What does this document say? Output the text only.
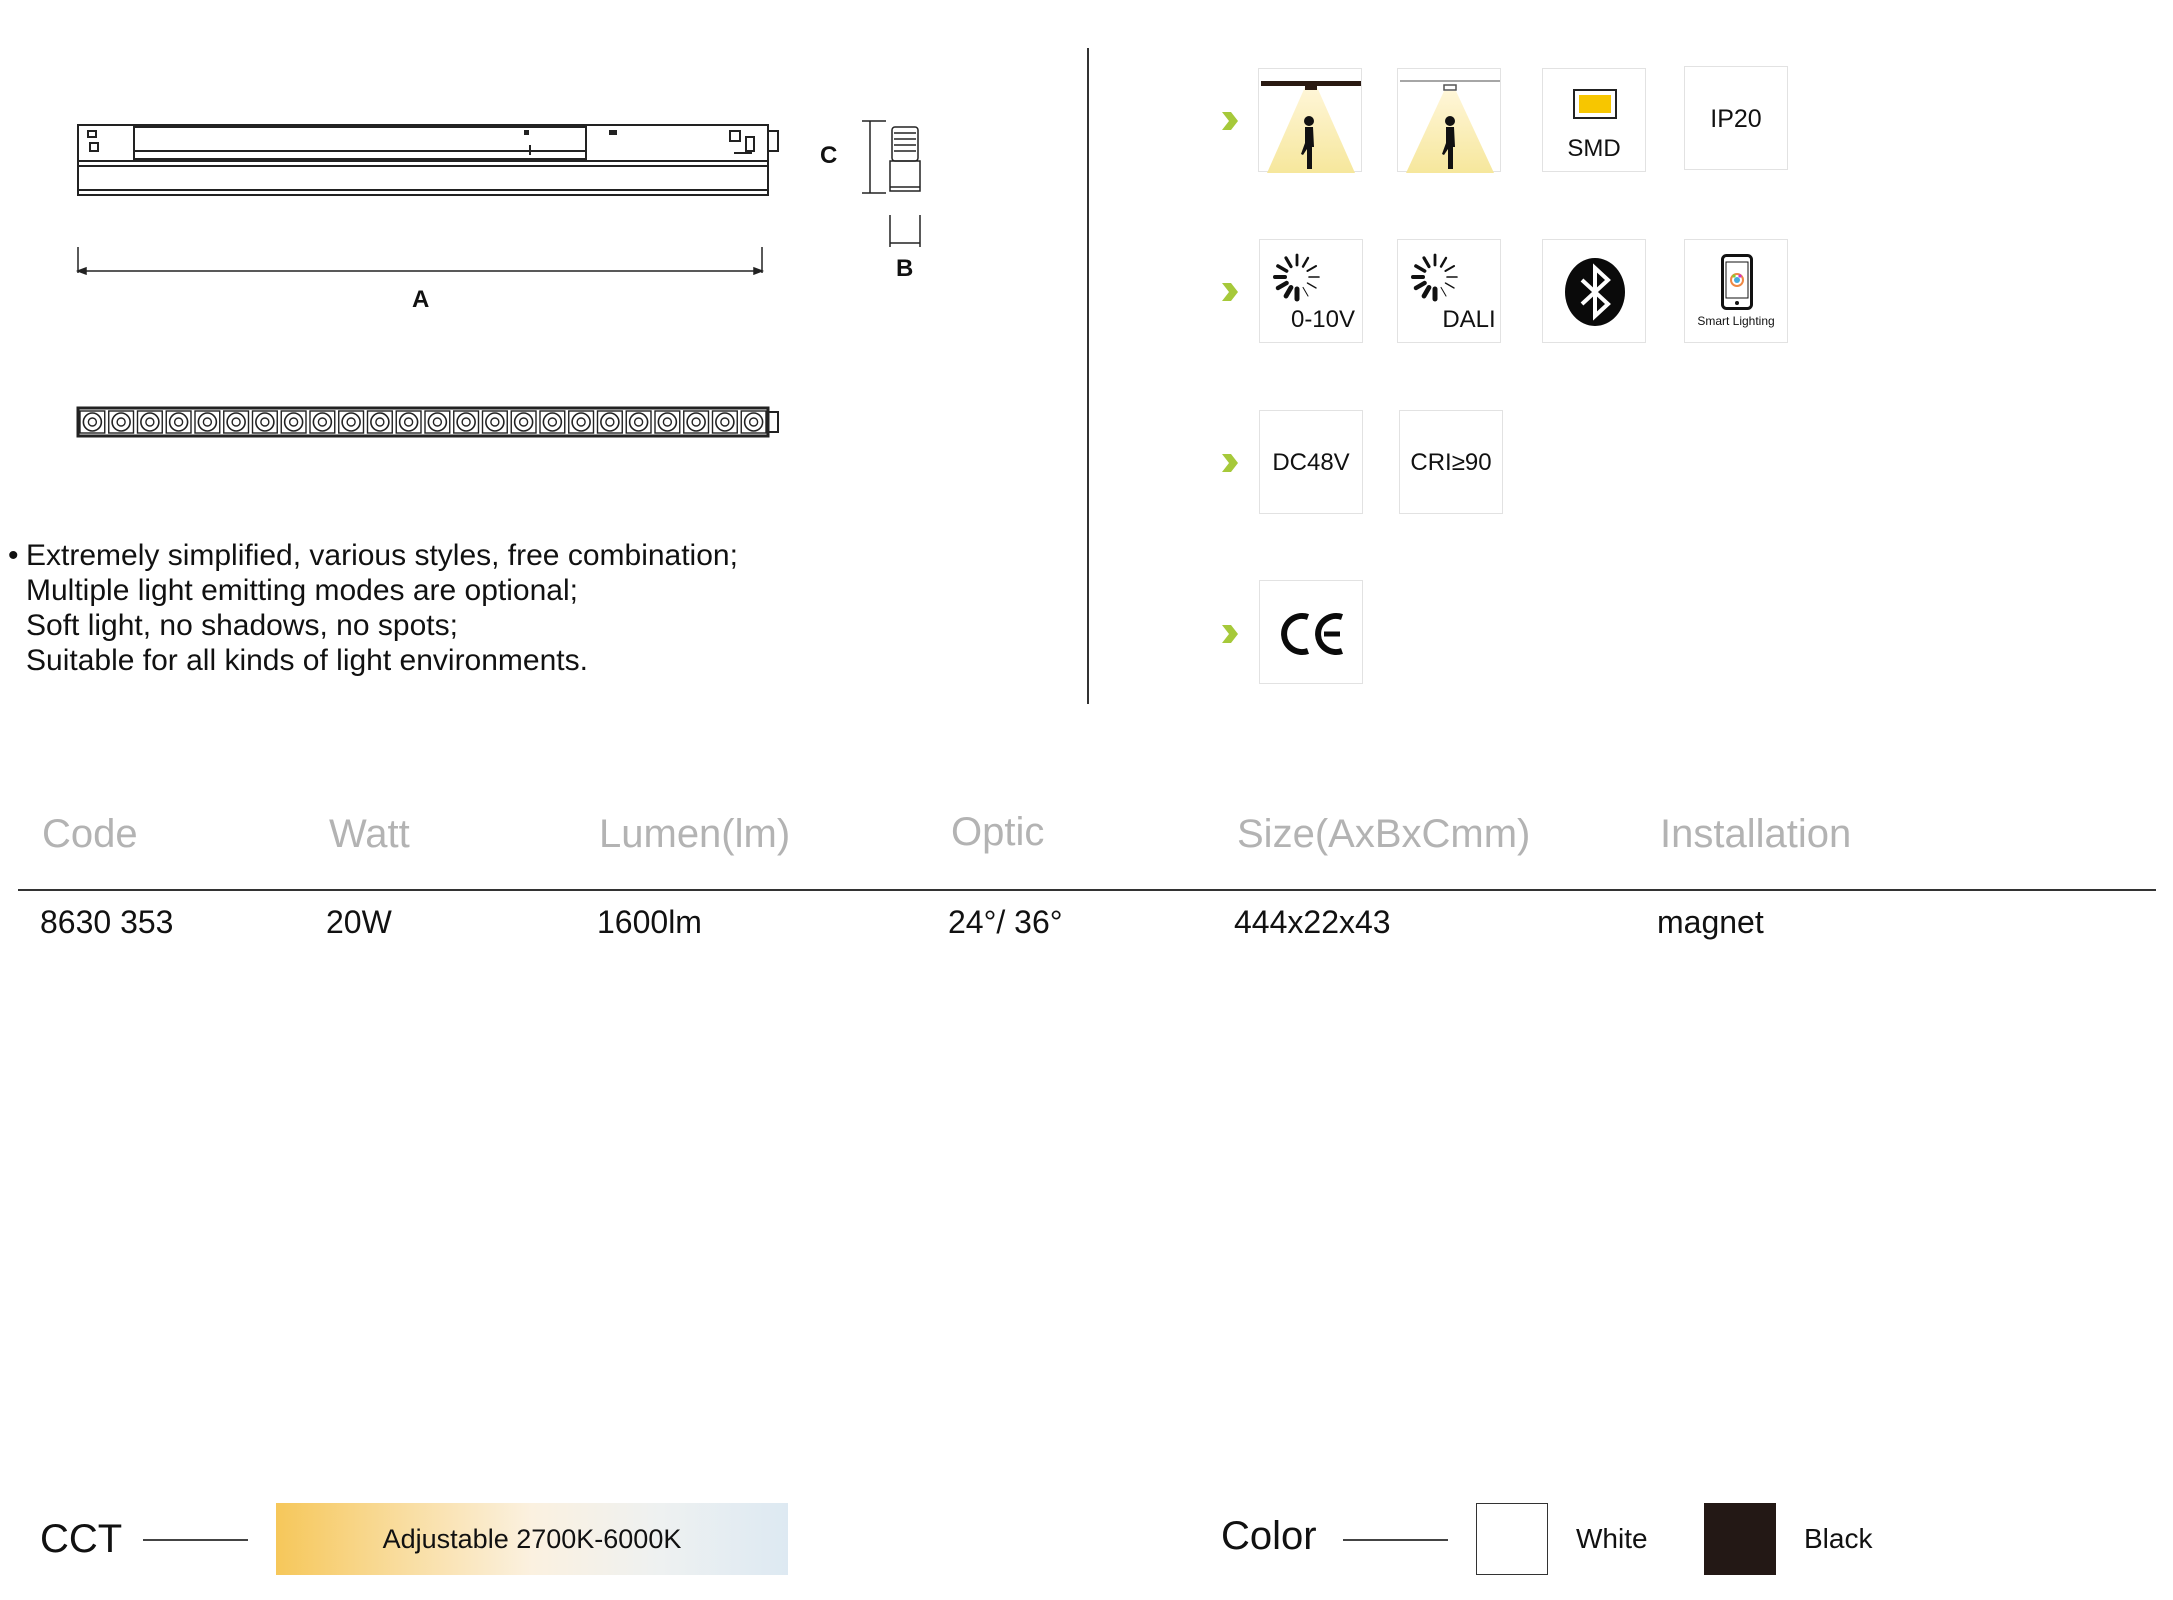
A
C
B
• Extremely simplified, various styles, free combination;
Multiple light emitting modes are optional;
Soft light, no shadows, no spots;
Suitable for all kinds of light environments.
SMD
IP20
0-10V	DALI	Smart Lighting
DC48V	CRI≥90
Code	Watt	Lumen(lm)	Optic	Size(AxBxCmm)	Installation
8630 353	20W	1600lm	24°/ 36°	444x22x43	magnet
CCT	Adjustable 2700K-6000K	Color	White	Black
